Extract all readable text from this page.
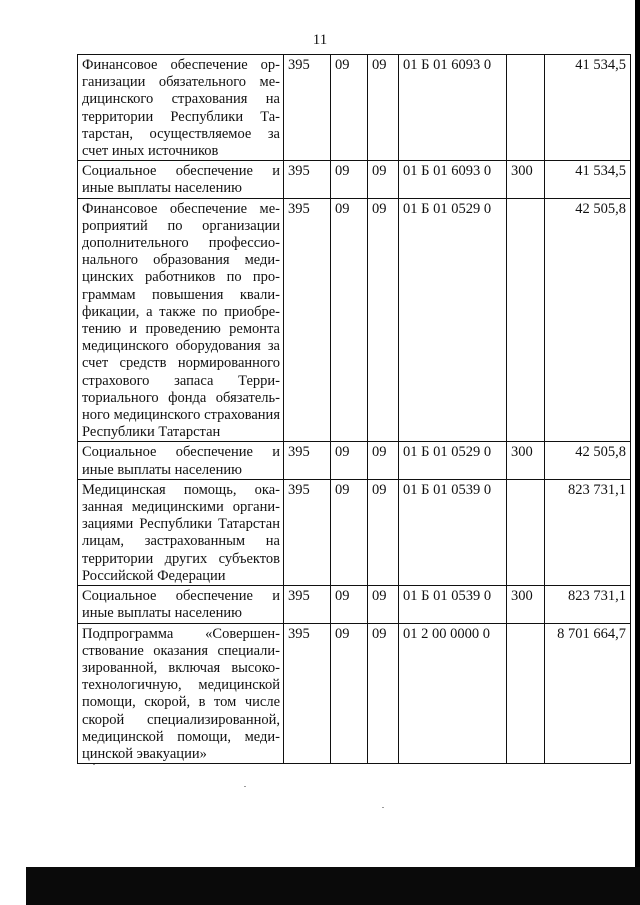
11
Финансовое обеспечение организации обязательного медицинского страхования на территории Республики Татарстан, осуществляемое за счет иных источников	395	09	09	01 Б 01 6093 0		41 534,5
Социальное обеспечение и иные выплаты населению	395	09	09	01 Б 01 6093 0	300	41 534,5
Финансовое обеспечение мероприятий по организации дополнительного профессионального образования медицинских работников по программам повышения квалификации, а также по приобретению и проведению ремонта медицинского оборудования за счет средств нормированного страхового запаса Территориального фонда обязательного медицинского страхования Республики Татарстан	395	09	09	01 Б 01 0529 0		42 505,8
Социальное обеспечение и иные выплаты населению	395	09	09	01 Б 01 0529 0	300	42 505,8
Медицинская помощь, оказанная медицинскими организациями Республики Татарстан лицам, застрахованным на территории других субъектов Российской Федерации	395	09	09	01 Б 01 0539 0		823 731,1
Социальное обеспечение и иные выплаты населению	395	09	09	01 Б 01 0539 0	300	823 731,1
Подпрограмма «Совершенствование оказания специализированной, включая высокотехнологичную, медицинской помощи, скорой, в том числе скорой специализированной, медицинской помощи, медицинской эвакуации»	395	09	09	01 2 00 0000 0		8 701 664,7
